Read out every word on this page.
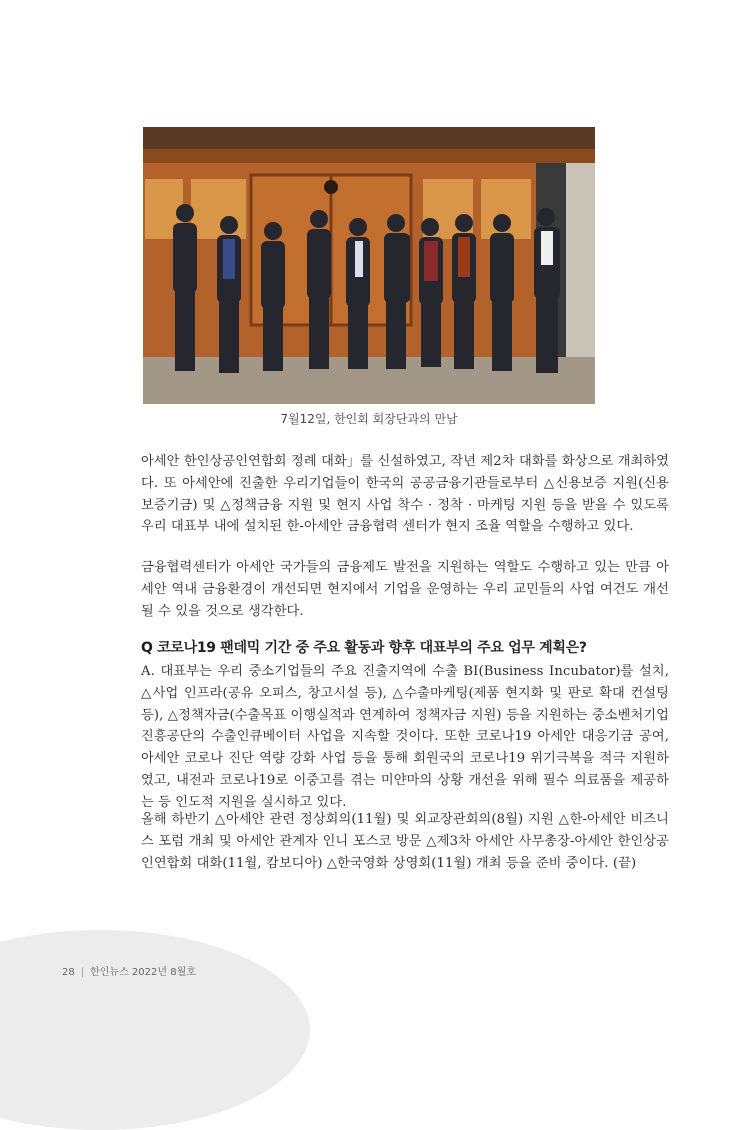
7월12일, 한인회 회장단과의 만남
아세안 한인상공인연합회 정례 대화」를 신설하였고, 작년 제2차 대화를 화상으로 개최하였다. 또 아세안에 진출한 우리기업들이 한국의 공공금융기관들로부터 △신용보증 지원(신용보증기금) 및 △정책금융 지원 및 현지 사업 착수 · 정착 · 마케팅 지원 등을 받을 수 있도록 우리 대표부 내에 설치된 한-아세안 금융협력 센터가 현지 조율 역할을 수행하고 있다.
금융협력센터가 아세안 국가들의 금융제도 발전을 지원하는 역할도 수행하고 있는 만큼 아세안 역내 금융환경이 개선되면 현지에서 기업을 운영하는 우리 교민들의 사업 여건도 개선될 수 있을 것으로 생각한다.
Q 코로나19 팬데믹 기간 중 주요 활동과 향후 대표부의 주요 업무 계획은?
A. 대표부는 우리 중소기업들의 주요 진출지역에 수출 BI(Business Incubator)를 설치, △사업 인프라(공유 오피스, 창고시설 등), △수출마케팅(제품 현지화 및 판로 확대 컨설팅 등), △정책자금(수출목표 이행실적과 연계하여 정책자금 지원) 등을 지원하는 중소벤처기업진흥공단의 수출인큐베이터 사업을 지속할 것이다. 또한 코로나19 아세안 대응기금 공여, 아세안 코로나 진단 역량 강화 사업 등을 통해 회원국의 코로나19 위기극복을 적극 지원하였고, 내전과 코로나19로 이중고를 겪는 미얀마의 상황 개선을 위해 필수 의료품을 제공하는 등 인도적 지원을 실시하고 있다.
올해 하반기 △아세안 관련 정상회의(11월) 및 외교장관회의(8월) 지원 △한-아세안 비즈니스 포럼 개최 및 아세안 관계자 인니 포스코 방문 △제3차 아세안 사무총장-아세안 한인상공인연합회 대화(11월, 캄보디아) △한국영화 상영회(11월) 개최 등을 준비 중이다. (끝)
28 | 한인뉴스 2022년 8월호
